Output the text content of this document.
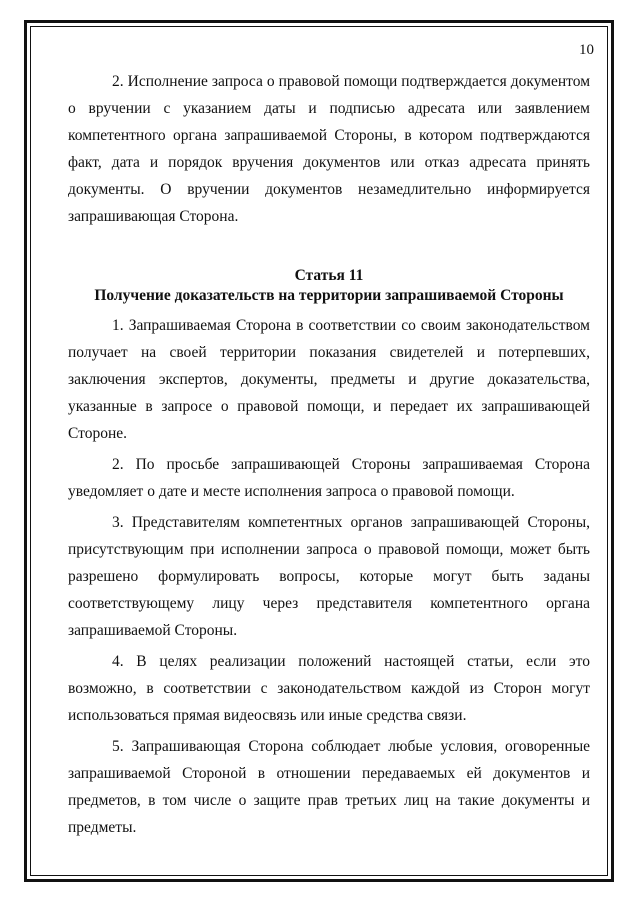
10

2. Исполнение запроса о правовой помощи подтверждается документом о вручении с указанием даты и подписью адресата или заявлением компетентного органа запрашиваемой Стороны, в котором подтверждаются факт, дата и порядок вручения документов или отказ адресата принять документы. О вручении документов незамедлительно информируется запрашивающая Сторона.

Статья 11
Получение доказательств на территории запрашиваемой Стороны

1. Запрашиваемая Сторона в соответствии со своим законодательством получает на своей территории показания свидетелей и потерпевших, заключения экспертов, документы, предметы и другие доказательства, указанные в запросе о правовой помощи, и передает их запрашивающей Стороне.

2. По просьбе запрашивающей Стороны запрашиваемая Сторона уведомляет о дате и месте исполнения запроса о правовой помощи.

3. Представителям компетентных органов запрашивающей Стороны, присутствующим при исполнении запроса о правовой помощи, может быть разрешено формулировать вопросы, которые могут быть заданы соответствующему лицу через представителя компетентного органа запрашиваемой Стороны.

4. В целях реализации положений настоящей статьи, если это возможно, в соответствии с законодательством каждой из Сторон могут использоваться прямая видеосвязь или иные средства связи.

5. Запрашивающая Сторона соблюдает любые условия, оговоренные запрашиваемой Стороной в отношении передаваемых ей документов и предметов, в том числе о защите прав третьих лиц на такие документы и предметы.
